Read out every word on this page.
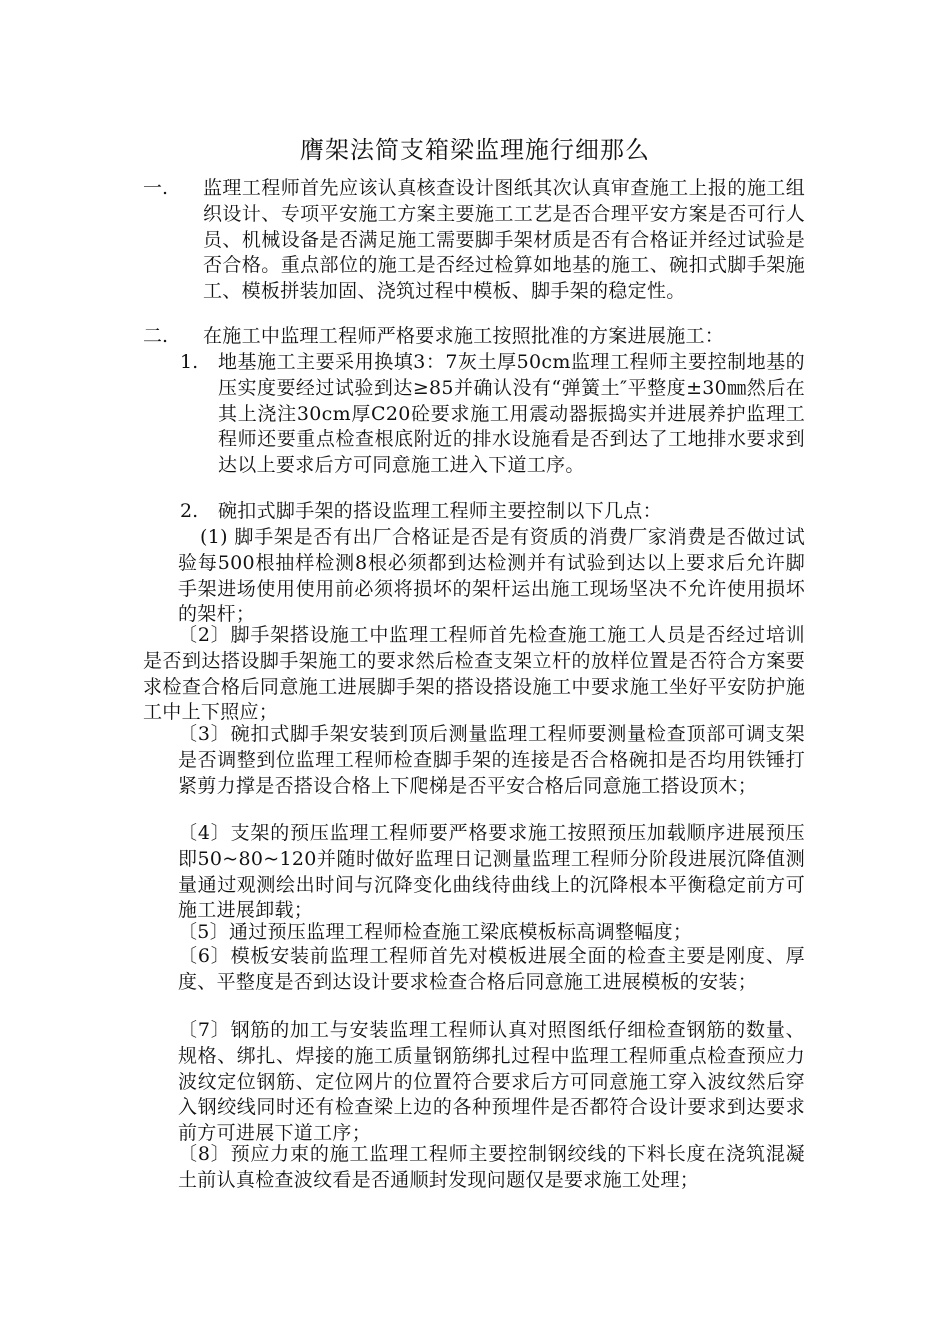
膺架法简支箱梁监理施行细那么
一. 监理工程师首先应该认真核查设计图纸其次认真审查施工上报的施工组织设计、专项平安施工方案主要施工工艺是否合理平安方案是否可行人员、机械设备是否满足施工需要脚手架材质是否有合格证并经过试验是否合格。重点部位的施工是否经过检算如地基的施工、碗扣式脚手架施工、模板拼装加固、浇筑过程中模板、脚手架的稳定性。
二. 在施工中监理工程师严格要求施工按照批准的方案进展施工：
1. 地基施工主要采用换填3：7灰土厚50cm监理工程师主要控制地基的压实度要经过试验到达≥85并确认没有“弹簧土″平整度±30㎜然后在其上浇注30cm厚C20砼要求施工用震动器振捣实并进展养护监理工程师还要重点检查根底附近的排水设施看是否到达了工地排水要求到达以上要求后方可同意施工进入下道工序。
2. 碗扣式脚手架的搭设监理工程师主要控制以下几点：
(1) 脚手架是否有出厂合格证是否是有资质的消费厂家消费是否做过试验每500根抽样检测8根必须都到达检测并有试验到达以上要求后允许脚手架进场使用使用前必须将损坏的架杆运出施工现场坚决不允许使用损坏的架杆；
〔2〕脚手架搭设施工中监理工程师首先检查施工施工人员是否经过培训是否到达搭设脚手架施工的要求然后检查支架立杆的放样位置是否符合方案要求检查合格后同意施工进展脚手架的搭设搭设施工中要求施工坐好平安防护施工中上下照应；
〔3〕碗扣式脚手架安装到顶后测量监理工程师要测量检查顶部可调支架是否调整到位监理工程师检查脚手架的连接是否合格碗扣是否均用铁锤打紧剪力撑是否搭设合格上下爬梯是否平安合格后同意施工搭设顶木；
〔4〕支架的预压监理工程师要严格要求施工按照预压加载顺序进展预压即50~80~120并随时做好监理日记测量监理工程师分阶段进展沉降值测量通过观测绘出时间与沉降变化曲线待曲线上的沉降根本平衡稳定前方可施工进展卸载；
〔5〕通过预压监理工程师检查施工梁底模板标高调整幅度；
〔6〕模板安装前监理工程师首先对模板进展全面的检查主要是刚度、厚度、平整度是否到达设计要求检查合格后同意施工进展模板的安装；
〔7〕钢筋的加工与安装监理工程师认真对照图纸仔细检查钢筋的数量、规格、绑扎、焊接的施工质量钢筋绑扎过程中监理工程师重点检查预应力波纹定位钢筋、定位网片的位置符合要求后方可同意施工穿入波纹然后穿入钢绞线同时还有检查梁上边的各种预埋件是否都符合设计要求到达要求前方可进展下道工序；
〔8〕预应力束的施工监理工程师主要控制钢绞线的下料长度在浇筑混凝土前认真检查波纹看是否通顺封发现问题仅是要求施工处理；
